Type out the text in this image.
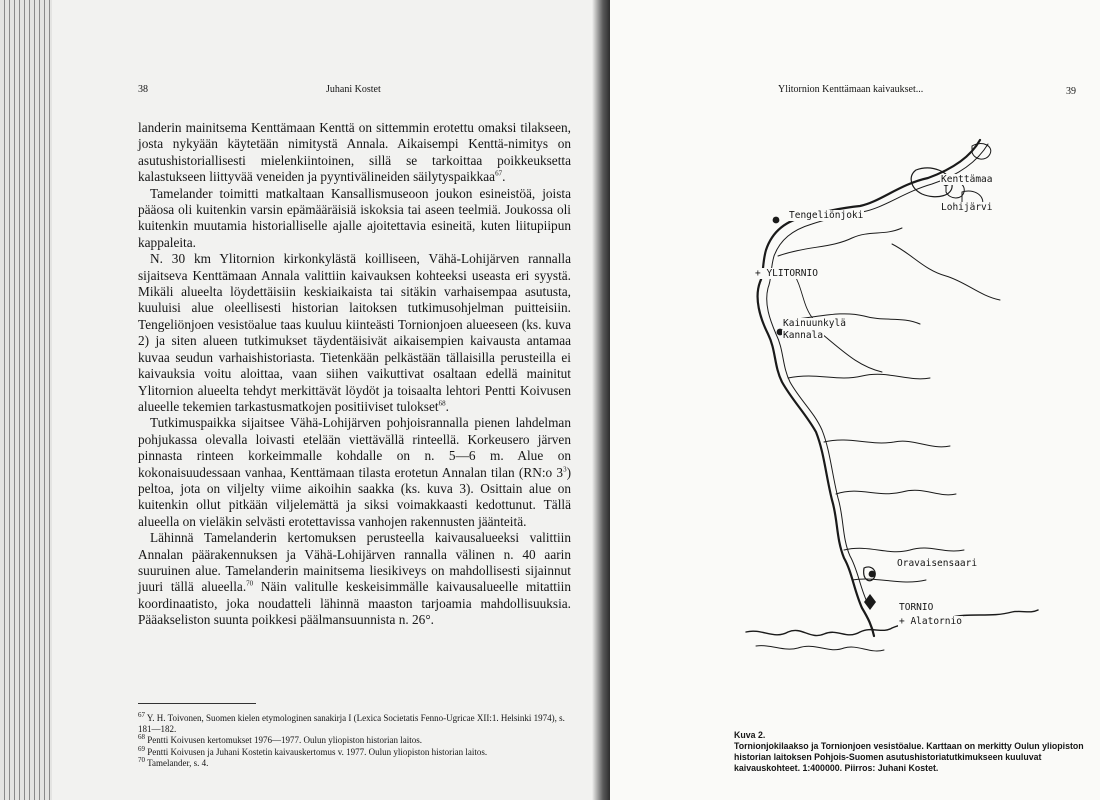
38	Juhani Kostet

landerin mainitsema Kenttämaan Kenttä on sittemmin erotettu omaksi tilakseen, josta nykyään käytetään nimitystä Annala. Aikaisempi Kenttä-nimitys on asutushistoriallisesti mielenkiintoinen, sillä se tarkoittaa poikkeuksetta kalastukseen liittyvää veneiden ja pyyntivälineiden säilytyspaikkaa$^{67}$.

Tamelander toimitti matkaltaan Kansallismuseoon joukon esineistöä, joista pääosa oli kuitenkin varsin epämääräisiä iskoksia tai aseen teelmiä. Joukossa oli kuitenkin muutamia historialliselle ajalle ajoitettavia esineitä, kuten liitupiipun kappaleita.

N. 30 km Ylitornion kirkonkylästä koilliseen, Vähä-Lohijärven rannalla sijaitseva Kenttämaan Annala valittiin kaivauksen kohteeksi useasta eri syystä. Mikäli alueelta löydettäisiin keskiaikaista tai sitäkin varhaisempaa asutusta, kuuluisi alue oleellisesti historian laitoksen tutkimusohjelman puitteisiin. Tengeliönjoen vesistöalue taas kuuluu kiinteästi Tornionjoen alueeseen (ks. kuva 2) ja siten alueen tutkimukset täydentäisivät aikaisempien kaivausta antamaa kuvaa seudun varhaishistoriasta. Tietenkään pelkästään tällaisilla perusteilla ei kaivauksia voitu aloittaa, vaan siihen vaikuttivat osaltaan edellä mainitut Ylitornion alueelta tehdyt merkittävät löydöt ja toisaalta lehtori Pentti Koivusen alueelle tekemien tarkastusmatkojen positiiviset tulokset$^{68}$.

Tutkimuspaikka sijaitsee Vähä-Lohijärven pohjoisrannalla pienen lahdelman pohjukassa olevalla loivasti etelään viettävällä rinteellä. Korkeusero järven pinnasta rinteen korkeimmalle kohdalle on n. 5—6 m. Alue on kokonaisuudessaan vanhaa, Kenttämaan tilasta erotetun Annalan tilan (RN:o $3^3$) peltoa, jota on viljelty viime aikoihin saakka (ks. kuva 3). Osittain alue on kuitenkin ollut pitkään viljelemättä ja siksi voimakkaasti kedottunut. Tällä alueella on vieläkin selvästi erotettavissa vanhojen rakennusten jäänteitä.

Lähinnä Tamelanderin kertomuksen perusteella kaivausalueeksi valittiin Annalan päärakennuksen ja Vähä-Lohijärven rannalla välinen n. 40 aarin suuruinen alue. Tamelanderin mainitsema liesikiveys on mahdollisesti sijainnut juuri tällä alueella.$^{70}$ Näin valitulle keskeisimmälle kaivausalueelle mitattiin koordinaatisto, joka noudatteli lähinnä maaston tarjoamia mahdollisuuksia. Pääakseliston suunta poikkesi päälmansuunnista n. 26°.

$^{67}$ Y. H. Toivonen, Suomen kielen etymologinen sanakirja I (Lexica Societatis Fenno-Ugricae XII:1. Helsinki 1974), s. 181—182.

$^{68}$ Pentti Koivusen kertomukset 1976—1977. Oulun yliopiston historian laitos.

$^{69}$ Pentti Koivusen ja Juhani Kostetin kaivauskertomus v. 1977. Oulun yliopiston historian laitos.

$^{70}$ Tamelander, s. 4.

Ylitornion Kenttämaan kaivaukset...	39
Kenttämaa
Lohijärvi
Tengeliönjoki
+ YLITORNIO
Kainuunkylä
Kannala
Oravaisensaari
TORNIO
+ Alatornio

Kuva 2.

Tornionjokilaakso ja Tornionjoen vesistöalue. Karttaan on merkitty Oulun yliopiston historian laitoksen Pohjois-Suomen asutushistoriatutkimukseen kuuluvat kaivauskohteet. 1:400000. Piirros: Juhani Kostet.
